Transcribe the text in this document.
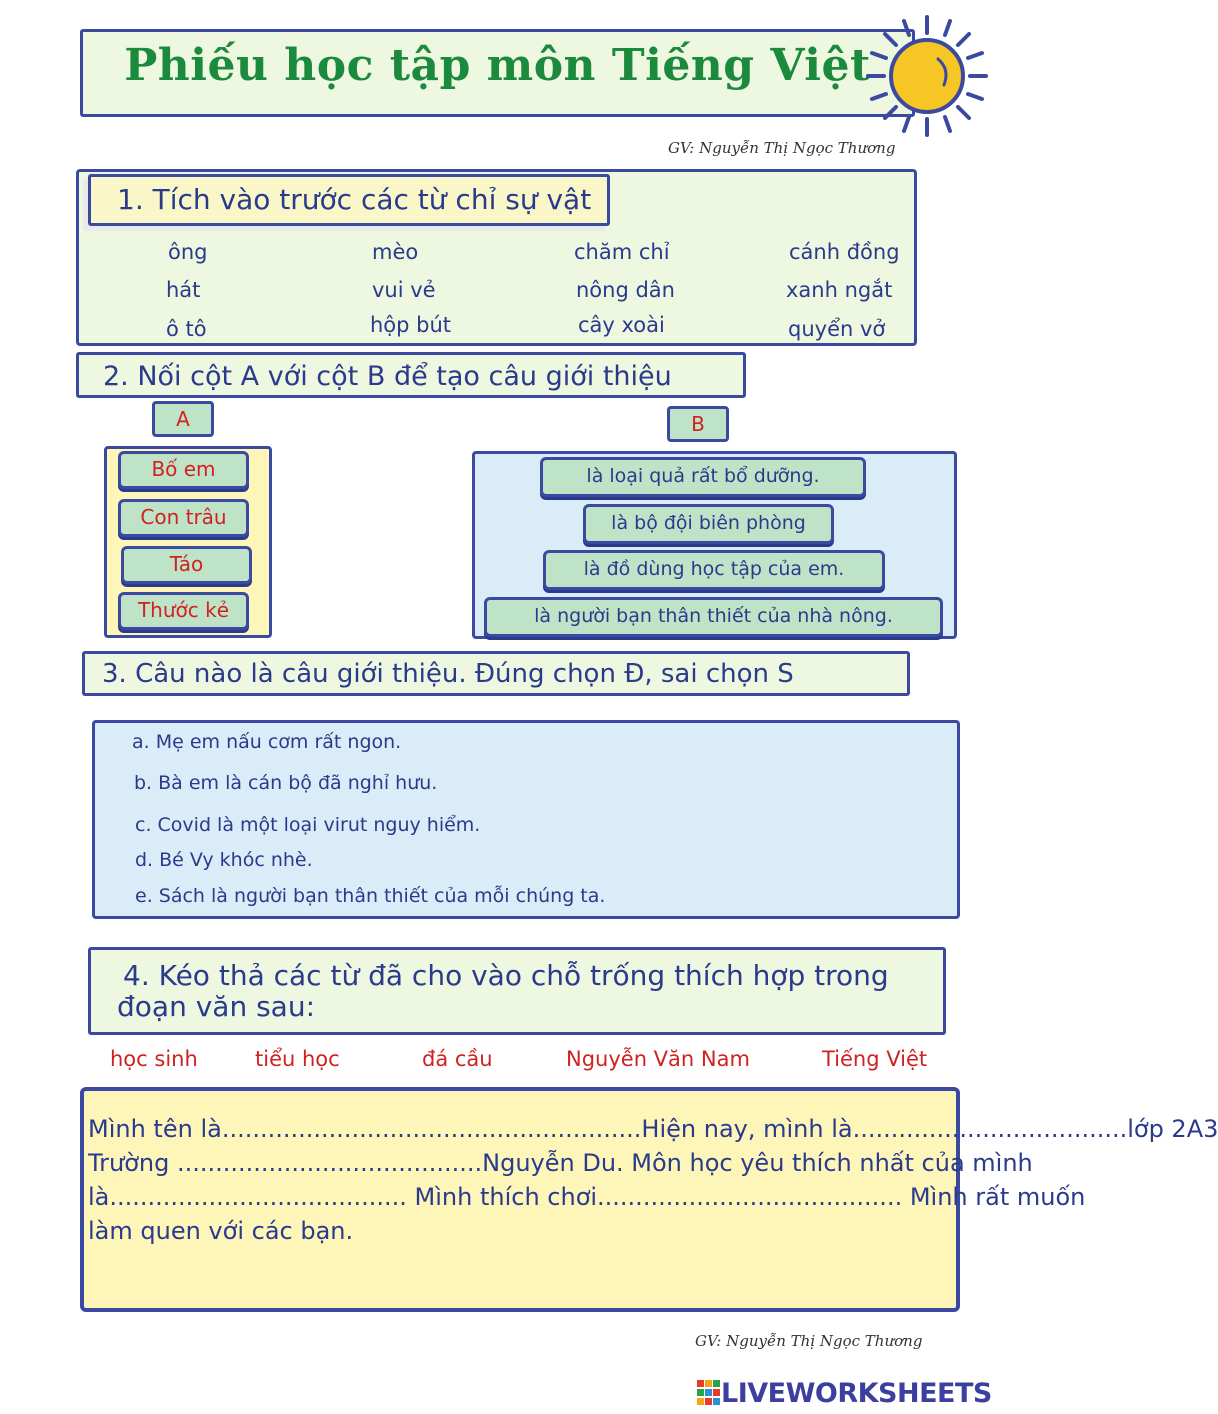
Phiếu học tập môn Tiếng Việt
GV: Nguyễn Thị Ngọc Thương
1. Tích vào trước các từ chỉ sự vật
ông	mèo	chăm chỉ	cánh đồng
hát	vui vẻ	nông dân	xanh ngắt
ô tô	hộp bút	cây xoài	quyển vở
2. Nối cột A với cột B để tạo câu giới thiệu
A	B
Bố em
Con trâu
Táo
Thước kẻ
là loại quả rất bổ dưỡng.
là bộ đội biên phòng
là đồ dùng học tập của em.
là người bạn thân thiết của nhà nông.
3. Câu nào là câu giới thiệu. Đúng chọn Đ, sai chọn S
a. Mẹ em nấu cơm rất ngon.
b. Bà em là cán bộ đã nghỉ hưu.
c. Covid là một loại virut nguy hiểm.
d. Bé Vy khóc nhè.
e. Sách là người bạn thân thiết của mỗi chúng ta.
4. Kéo thả các từ đã cho vào chỗ trống thích hợp trong
đoạn văn sau:
học sinh	tiểu học	đá cầu	Nguyễn Văn Nam	Tiếng Việt
Mình tên là.......................................................Hiện nay, mình là....................................lớp 2A3
Trường ........................................Nguyễn Du. Môn học yêu thích nhất của mình
là....................................... Mình thích chơi........................................ Mình rất muốn
làm quen với các bạn.
GV: Nguyễn Thị Ngọc Thương
LIVEWORKSHEETS
